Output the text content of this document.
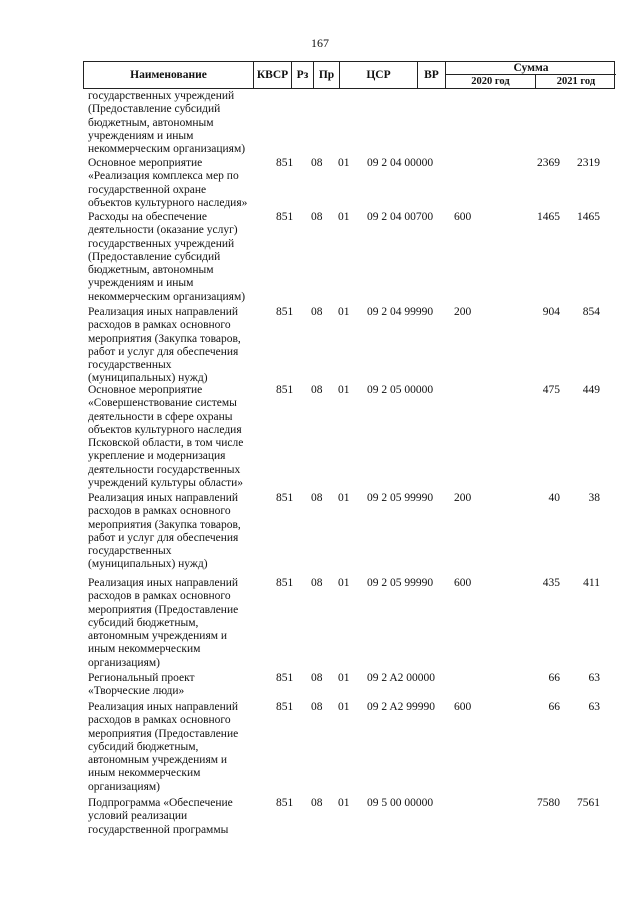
167
Наименование	КВСР Рз Пр	ЦСР	ВР
Сумма
2020 год	2021 год
государственных учреждений
(Предоставление субсидий
бюджетным, автономным
учреждениям и иным
некоммерческим организациям)
Основное мероприятие
«Реализация комплекса мер по
государственной охране
объектов культурного наследия»
851 08 01 09 2 04 00000	2369	2319
Расходы на обеспечение
деятельности (оказание услуг)
государственных учреждений
(Предоставление субсидий
бюджетным, автономным
учреждениям и иным
некоммерческим организациям)
851 08 01 09 2 04 00700 600	1465	1465
Реализация иных направлений
расходов в рамках основного
мероприятия (Закупка товаров,
работ и услуг для обеспечения
государственных
(муниципальных) нужд)
851 08 01 09 2 04 99990 200	904	854
Основное мероприятие
«Совершенствование системы
деятельности в сфере охраны
объектов культурного наследия
Псковской области, в том числе
укрепление и модернизация
деятельности государственных
учреждений культуры области»
851 08 01 09 2 05 00000	475	449
Реализация иных направлений
расходов в рамках основного
мероприятия (Закупка товаров,
работ и услуг для обеспечения
государственных
(муниципальных) нужд)
851 08 01 09 2 05 99990 200	40	38
Реализация иных направлений
расходов в рамках основного
мероприятия (Предоставление
субсидий бюджетным,
автономным учреждениям и
иным некоммерческим
организациям)
851 08 01 09 2 05 99990 600	435	411
Региональный проект
«Творческие люди»
851 08 01 09 2 A2 00000	66	63
Реализация иных направлений
расходов в рамках основного
мероприятия (Предоставление
субсидий бюджетным,
автономным учреждениям и
иным некоммерческим
организациям)
851 08 01 09 2 A2 99990 600	66	63
Подпрограмма «Обеспечение
условий реализации
государственной программы
851 08 01 09 5 00 00000	7580	7561
